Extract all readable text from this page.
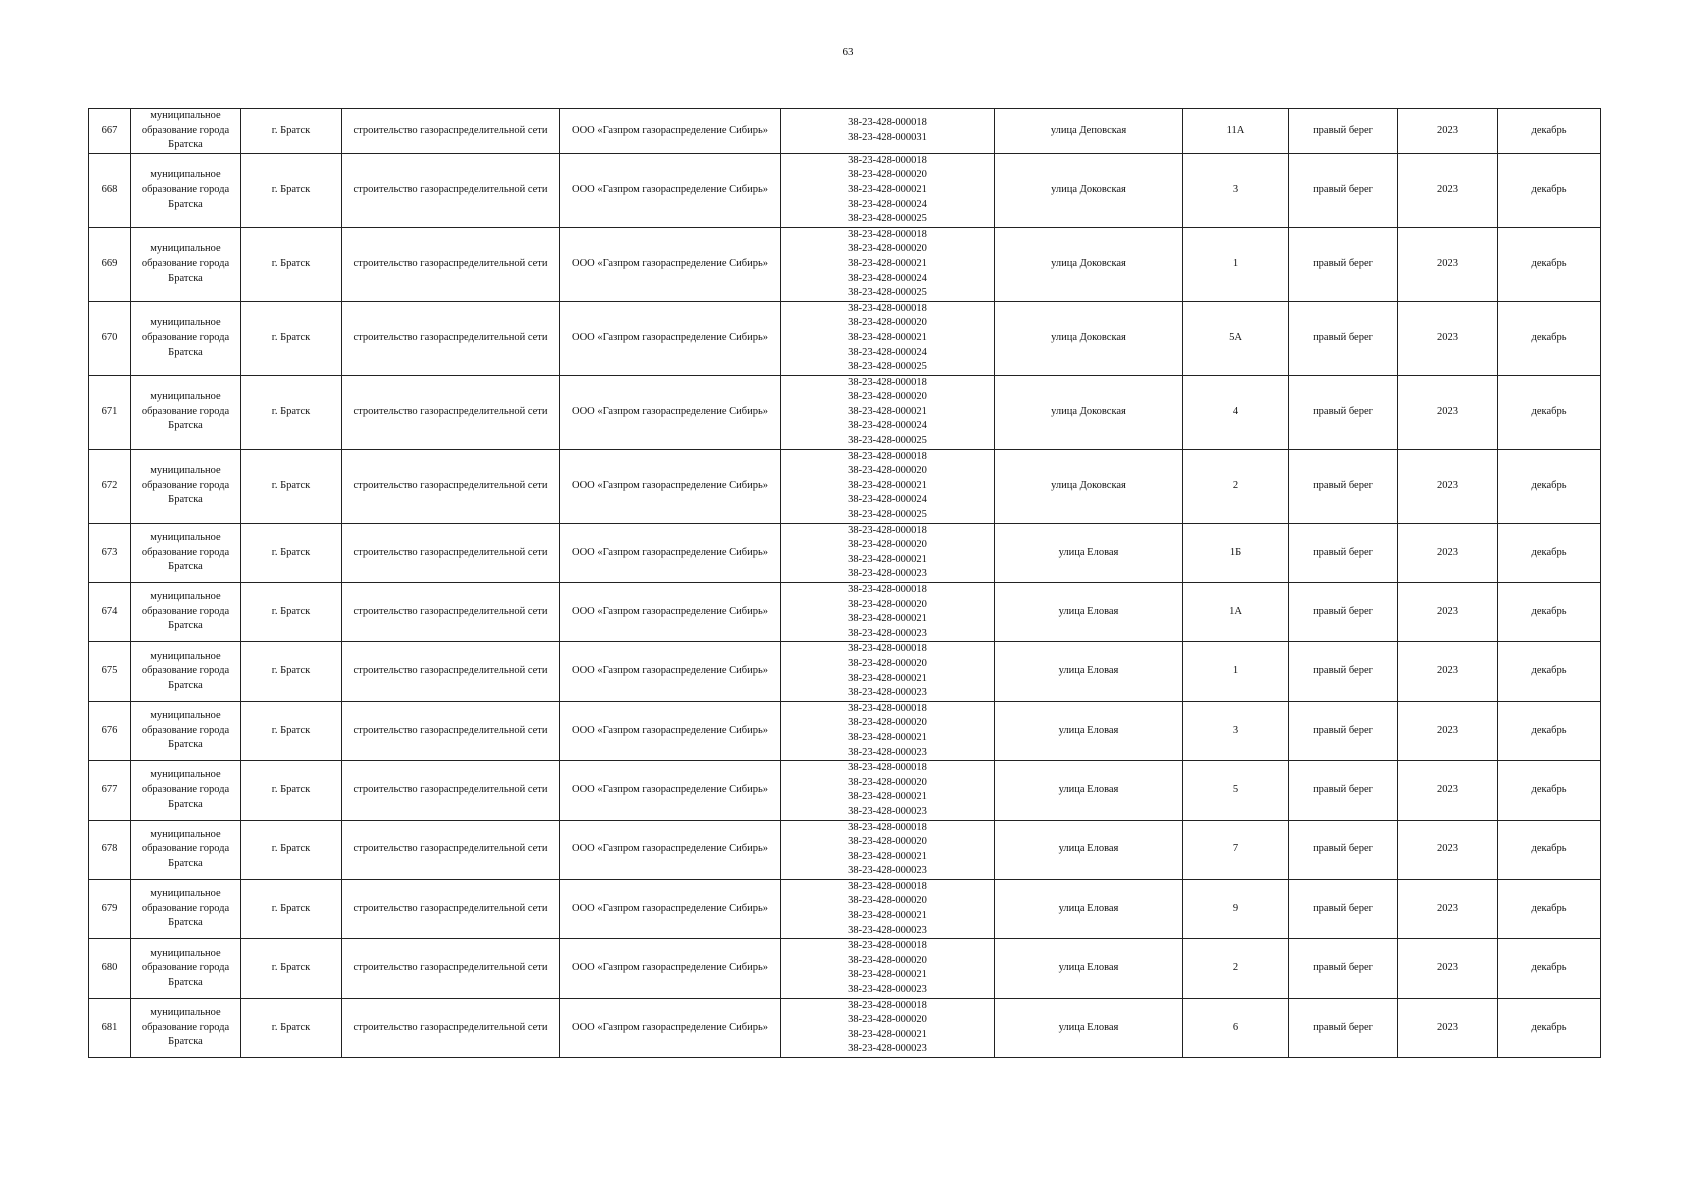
63
667	муниципальное образование города Братска	г. Братск	строительство газораспределительной сети	ООО «Газпром газораспределение Сибирь»	38-23-428-000018
38-23-428-000031	улица Деповская	11А	правый берег	2023	декабрь

668	муниципальное образование города Братска	г. Братск	строительство газораспределительной сети	ООО «Газпром газораспределение Сибирь»	38-23-428-000018
38-23-428-000020
38-23-428-000021
38-23-428-000024
38-23-428-000025	улица Доковская	3	правый берег	2023	декабрь

669	муниципальное образование города Братска	г. Братск	строительство газораспределительной сети	ООО «Газпром газораспределение Сибирь»	38-23-428-000018
38-23-428-000020
38-23-428-000021
38-23-428-000024
38-23-428-000025	улица Доковская	1	правый берег	2023	декабрь

670	муниципальное образование города Братска	г. Братск	строительство газораспределительной сети	ООО «Газпром газораспределение Сибирь»	38-23-428-000018
38-23-428-000020
38-23-428-000021
38-23-428-000024
38-23-428-000025	улица Доковская	5А	правый берег	2023	декабрь

671	муниципальное образование города Братска	г. Братск	строительство газораспределительной сети	ООО «Газпром газораспределение Сибирь»	38-23-428-000018
38-23-428-000020
38-23-428-000021
38-23-428-000024
38-23-428-000025	улица Доковская	4	правый берег	2023	декабрь

672	муниципальное образование города Братска	г. Братск	строительство газораспределительной сети	ООО «Газпром газораспределение Сибирь»	38-23-428-000018
38-23-428-000020
38-23-428-000021
38-23-428-000024
38-23-428-000025	улица Доковская	2	правый берег	2023	декабрь

673	муниципальное образование города Братска	г. Братск	строительство газораспределительной сети	ООО «Газпром газораспределение Сибирь»	38-23-428-000018
38-23-428-000020
38-23-428-000021
38-23-428-000023	улица Еловая	1Б	правый берег	2023	декабрь

674	муниципальное образование города Братска	г. Братск	строительство газораспределительной сети	ООО «Газпром газораспределение Сибирь»	38-23-428-000018
38-23-428-000020
38-23-428-000021
38-23-428-000023	улица Еловая	1А	правый берег	2023	декабрь

675	муниципальное образование города Братска	г. Братск	строительство газораспределительной сети	ООО «Газпром газораспределение Сибирь»	38-23-428-000018
38-23-428-000020
38-23-428-000021
38-23-428-000023	улица Еловая	1	правый берег	2023	декабрь

676	муниципальное образование города Братска	г. Братск	строительство газораспределительной сети	ООО «Газпром газораспределение Сибирь»	38-23-428-000018
38-23-428-000020
38-23-428-000021
38-23-428-000023	улица Еловая	3	правый берег	2023	декабрь

677	муниципальное образование города Братска	г. Братск	строительство газораспределительной сети	ООО «Газпром газораспределение Сибирь»	38-23-428-000018
38-23-428-000020
38-23-428-000021
38-23-428-000023	улица Еловая	5	правый берег	2023	декабрь

678	муниципальное образование города Братска	г. Братск	строительство газораспределительной сети	ООО «Газпром газораспределение Сибирь»	38-23-428-000018
38-23-428-000020
38-23-428-000021
38-23-428-000023	улица Еловая	7	правый берег	2023	декабрь

679	муниципальное образование города Братска	г. Братск	строительство газораспределительной сети	ООО «Газпром газораспределение Сибирь»	38-23-428-000018
38-23-428-000020
38-23-428-000021
38-23-428-000023	улица Еловая	9	правый берег	2023	декабрь

680	муниципальное образование города Братска	г. Братск	строительство газораспределительной сети	ООО «Газпром газораспределение Сибирь»	38-23-428-000018
38-23-428-000020
38-23-428-000021
38-23-428-000023	улица Еловая	2	правый берег	2023	декабрь

681	муниципальное образование города Братска	г. Братск	строительство газораспределительной сети	ООО «Газпром газораспределение Сибирь»	38-23-428-000018
38-23-428-000020
38-23-428-000021
38-23-428-000023	улица Еловая	6	правый берег	2023	декабрь
